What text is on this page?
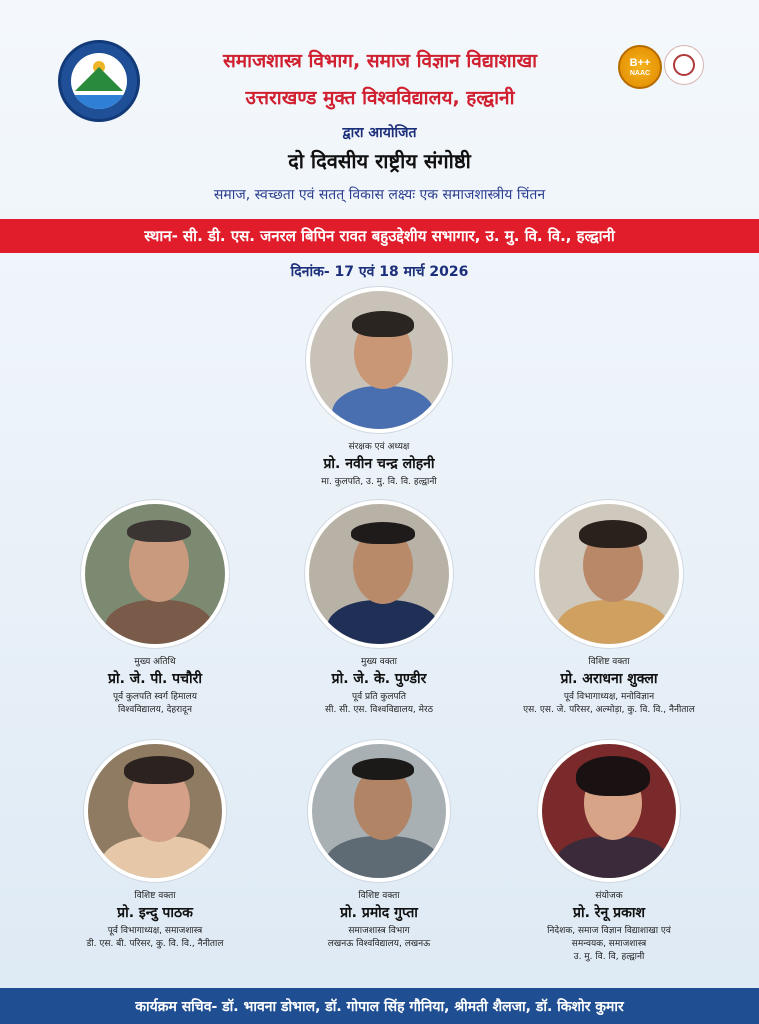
B++
NAAC
समाजशास्त्र विभाग, समाज विज्ञान विद्याशाखा
उत्तराखण्ड मुक्त विश्वविद्यालय, हल्द्वानी
द्वारा आयोजित
दो दिवसीय राष्ट्रीय संगोष्ठी
समाज, स्वच्छता एवं सतत् विकास लक्ष्यः एक समाजशास्त्रीय चिंतन
स्थान- सी. डी. एस. जनरल बिपिन रावत बहुउद्देशीय सभागार, उ. मु. वि. वि., हल्द्वानी
दिनांक- 17 एवं 18 मार्च 2026
संरक्षक एवं अध्यक्ष
प्रो. नवीन चन्द्र लोहनी
मा. कुलपति, उ. मु. वि. वि. हल्द्वानी
मुख्य अतिथि
प्रो. जे. पी. पचौरी
पूर्व कुलपति स्वर्ग हिमालय
विश्वविद्यालय, देहरादून
मुख्य वक्ता
प्रो. जे. के. पुण्डीर
पूर्व प्रति कुलपति
सी. सी. एस. विश्वविद्यालय, मेरठ
विशिष्ट वक्ता
प्रो. अराधना शुक्ला
पूर्व विभागाध्यक्ष, मनोविज्ञान
एस. एस. जे. परिसर, अल्मोड़ा, कु. वि. वि., नैनीताल
विशिष्ट वक्ता
प्रो. इन्दु पाठक
पूर्व विभागाध्यक्ष, समाजशास्त्र
डी. एस. बी. परिसर, कु. वि. वि., नैनीताल
विशिष्ट वक्ता
प्रो. प्रमोद गुप्ता
समाजशास्त्र विभाग
लखनऊ विश्वविद्यालय, लखनऊ
संयोजक
प्रो. रेनू प्रकाश
निदेशक, समाज विज्ञान विद्याशाखा एवं
समन्वयक, समाजशास्त्र
उ. मु. वि. वि, हल्द्वानी
कार्यक्रम सचिव- डॉ. भावना डोभाल, डॉ. गोपाल सिंह गौनिया, श्रीमती शैलजा, डॉ. किशोर कुमार
